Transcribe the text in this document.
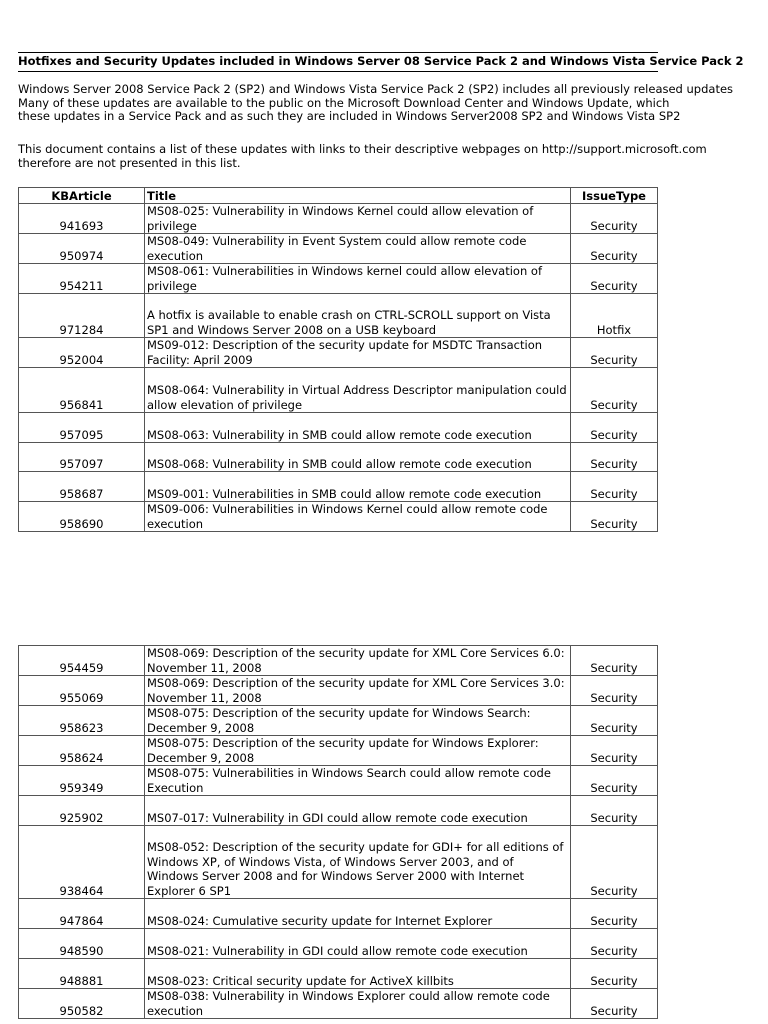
Hotfixes and Security Updates included in Windows Server 08 Service Pack 2 and Windows Vista Service Pack 2
Windows Server 2008 Service Pack 2 (SP2) and Windows Vista Service Pack 2 (SP2) includes all previously released updates
Many of these updates are available to the public on the Microsoft Download Center and Windows Update, which
these updates in a Service Pack and as such they are included in Windows Server2008 SP2 and Windows Vista SP2
This document contains a list of these updates with links to their descriptive webpages on http://support.microsoft.com
therefore are not presented in this list.
KBArticle	Title	IssueType
941693	MS08-025: Vulnerability in Windows Kernel could allow elevation of privilege	Security
950974	MS08-049: Vulnerability in Event System could allow remote code execution	Security
954211	MS08-061: Vulnerabilities in Windows kernel could allow elevation of privilege	Security
971284	A hotfix is available to enable crash on CTRL-SCROLL support on Vista SP1 and Windows Server 2008 on a USB keyboard	Hotfix
952004	MS09-012: Description of the security update for MSDTC Transaction Facility: April 2009	Security
956841	MS08-064: Vulnerability in Virtual Address Descriptor manipulation could allow elevation of privilege	Security
957095	MS08-063: Vulnerability in SMB could allow remote code execution	Security
957097	MS08-068: Vulnerability in SMB could allow remote code execution	Security
958687	MS09-001: Vulnerabilities in SMB could allow remote code execution	Security
958690	MS09-006: Vulnerabilities in Windows Kernel could allow remote code execution	Security
954459	MS08-069: Description of the security update for XML Core Services 6.0: November 11, 2008	Security
955069	MS08-069: Description of the security update for XML Core Services 3.0: November 11, 2008	Security
958623	MS08-075: Description of the security update for Windows Search: December 9, 2008	Security
958624	MS08-075: Description of the security update for Windows Explorer: December 9, 2008	Security
959349	MS08-075: Vulnerabilities in Windows Search could allow remote code Execution	Security
925902	MS07-017: Vulnerability in GDI could allow remote code execution	Security
938464	MS08-052: Description of the security update for GDI+ for all editions of Windows XP, of Windows Vista, of Windows Server 2003, and of Windows Server 2008 and for Windows Server 2000 with Internet Explorer 6 SP1	Security
947864	MS08-024: Cumulative security update for Internet Explorer	Security
948590	MS08-021: Vulnerability in GDI could allow remote code execution	Security
948881	MS08-023: Critical security update for ActiveX killbits	Security
950582	MS08-038: Vulnerability in Windows Explorer could allow remote code execution	Security
